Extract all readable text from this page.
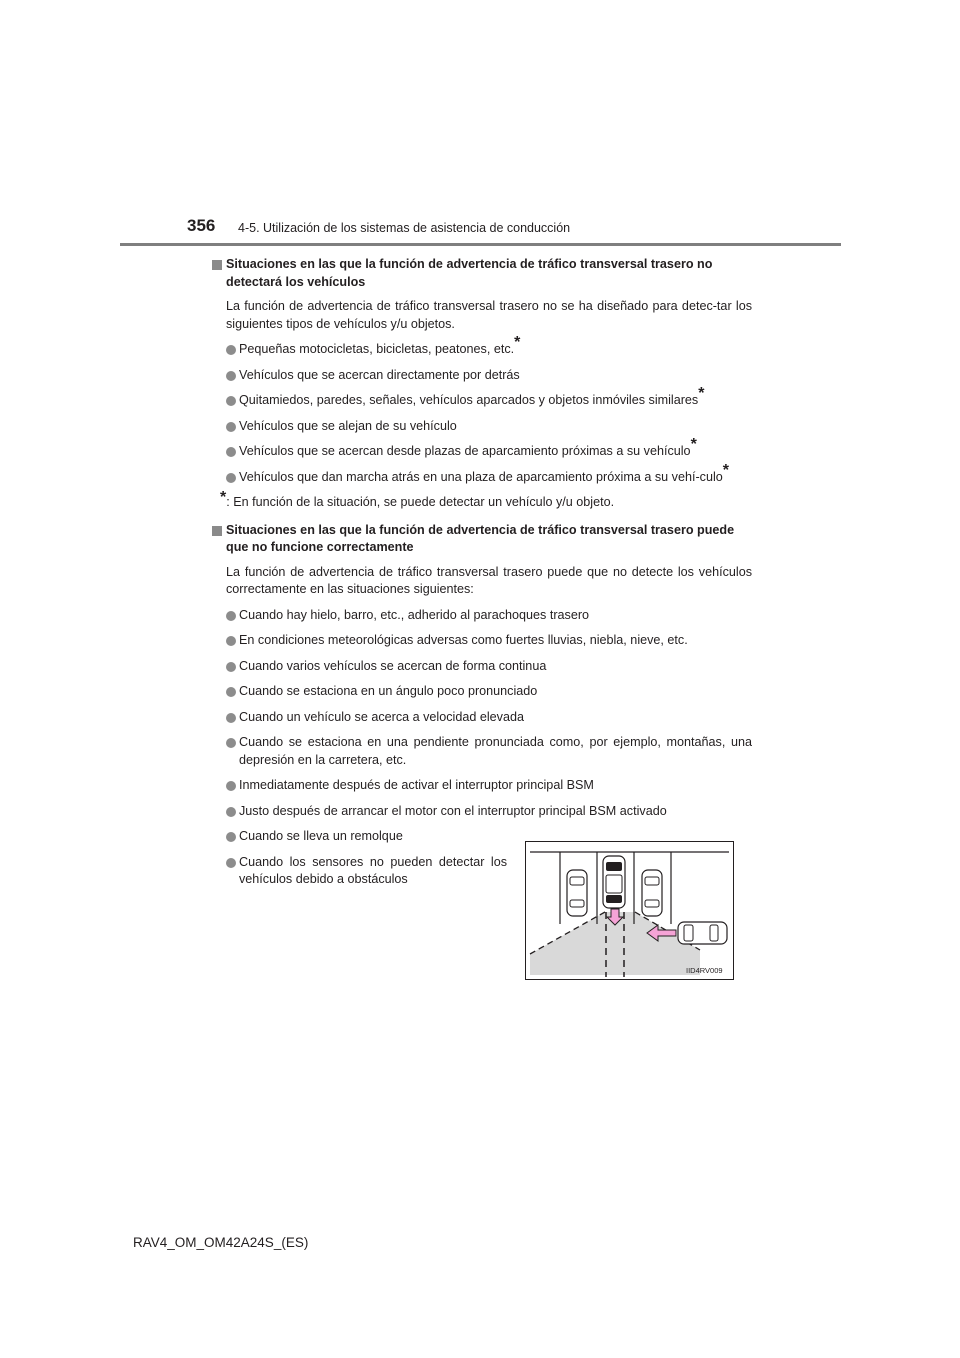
356 4-5. Utilización de los sistemas de asistencia de conducción
Situaciones en las que la función de advertencia de tráfico transversal trasero no detectará los vehículos
La función de advertencia de tráfico transversal trasero no se ha diseñado para detec-tar los siguientes tipos de vehículos y/u objetos.
Pequeñas motocicletas, bicicletas, peatones, etc.*
Vehículos que se acercan directamente por detrás
Quitamiedos, paredes, señales, vehículos aparcados y objetos inmóviles similares*
Vehículos que se alejan de su vehículo
Vehículos que se acercan desde plazas de aparcamiento próximas a su vehículo*
Vehículos que dan marcha atrás en una plaza de aparcamiento próxima a su vehí-culo*
*: En función de la situación, se puede detectar un vehículo y/u objeto.
Situaciones en las que la función de advertencia de tráfico transversal trasero puede que no funcione correctamente
La función de advertencia de tráfico transversal trasero puede que no detecte los vehículos correctamente en las situaciones siguientes:
Cuando hay hielo, barro, etc., adherido al parachoques trasero
En condiciones meteorológicas adversas como fuertes lluvias, niebla, nieve, etc.
Cuando varios vehículos se acercan de forma continua
Cuando se estaciona en un ángulo poco pronunciado
Cuando un vehículo se acerca a velocidad elevada
Cuando se estaciona en una pendiente pronunciada como, por ejemplo, montañas, una depresión en la carretera, etc.
Inmediatamente después de activar el interruptor principal BSM
Justo después de arrancar el motor con el interruptor principal BSM activado
Cuando se lleva un remolque
Cuando los sensores no pueden detectar los vehículos debido a obstáculos
IID4RV009
RAV4_OM_OM42A24S_(ES)
